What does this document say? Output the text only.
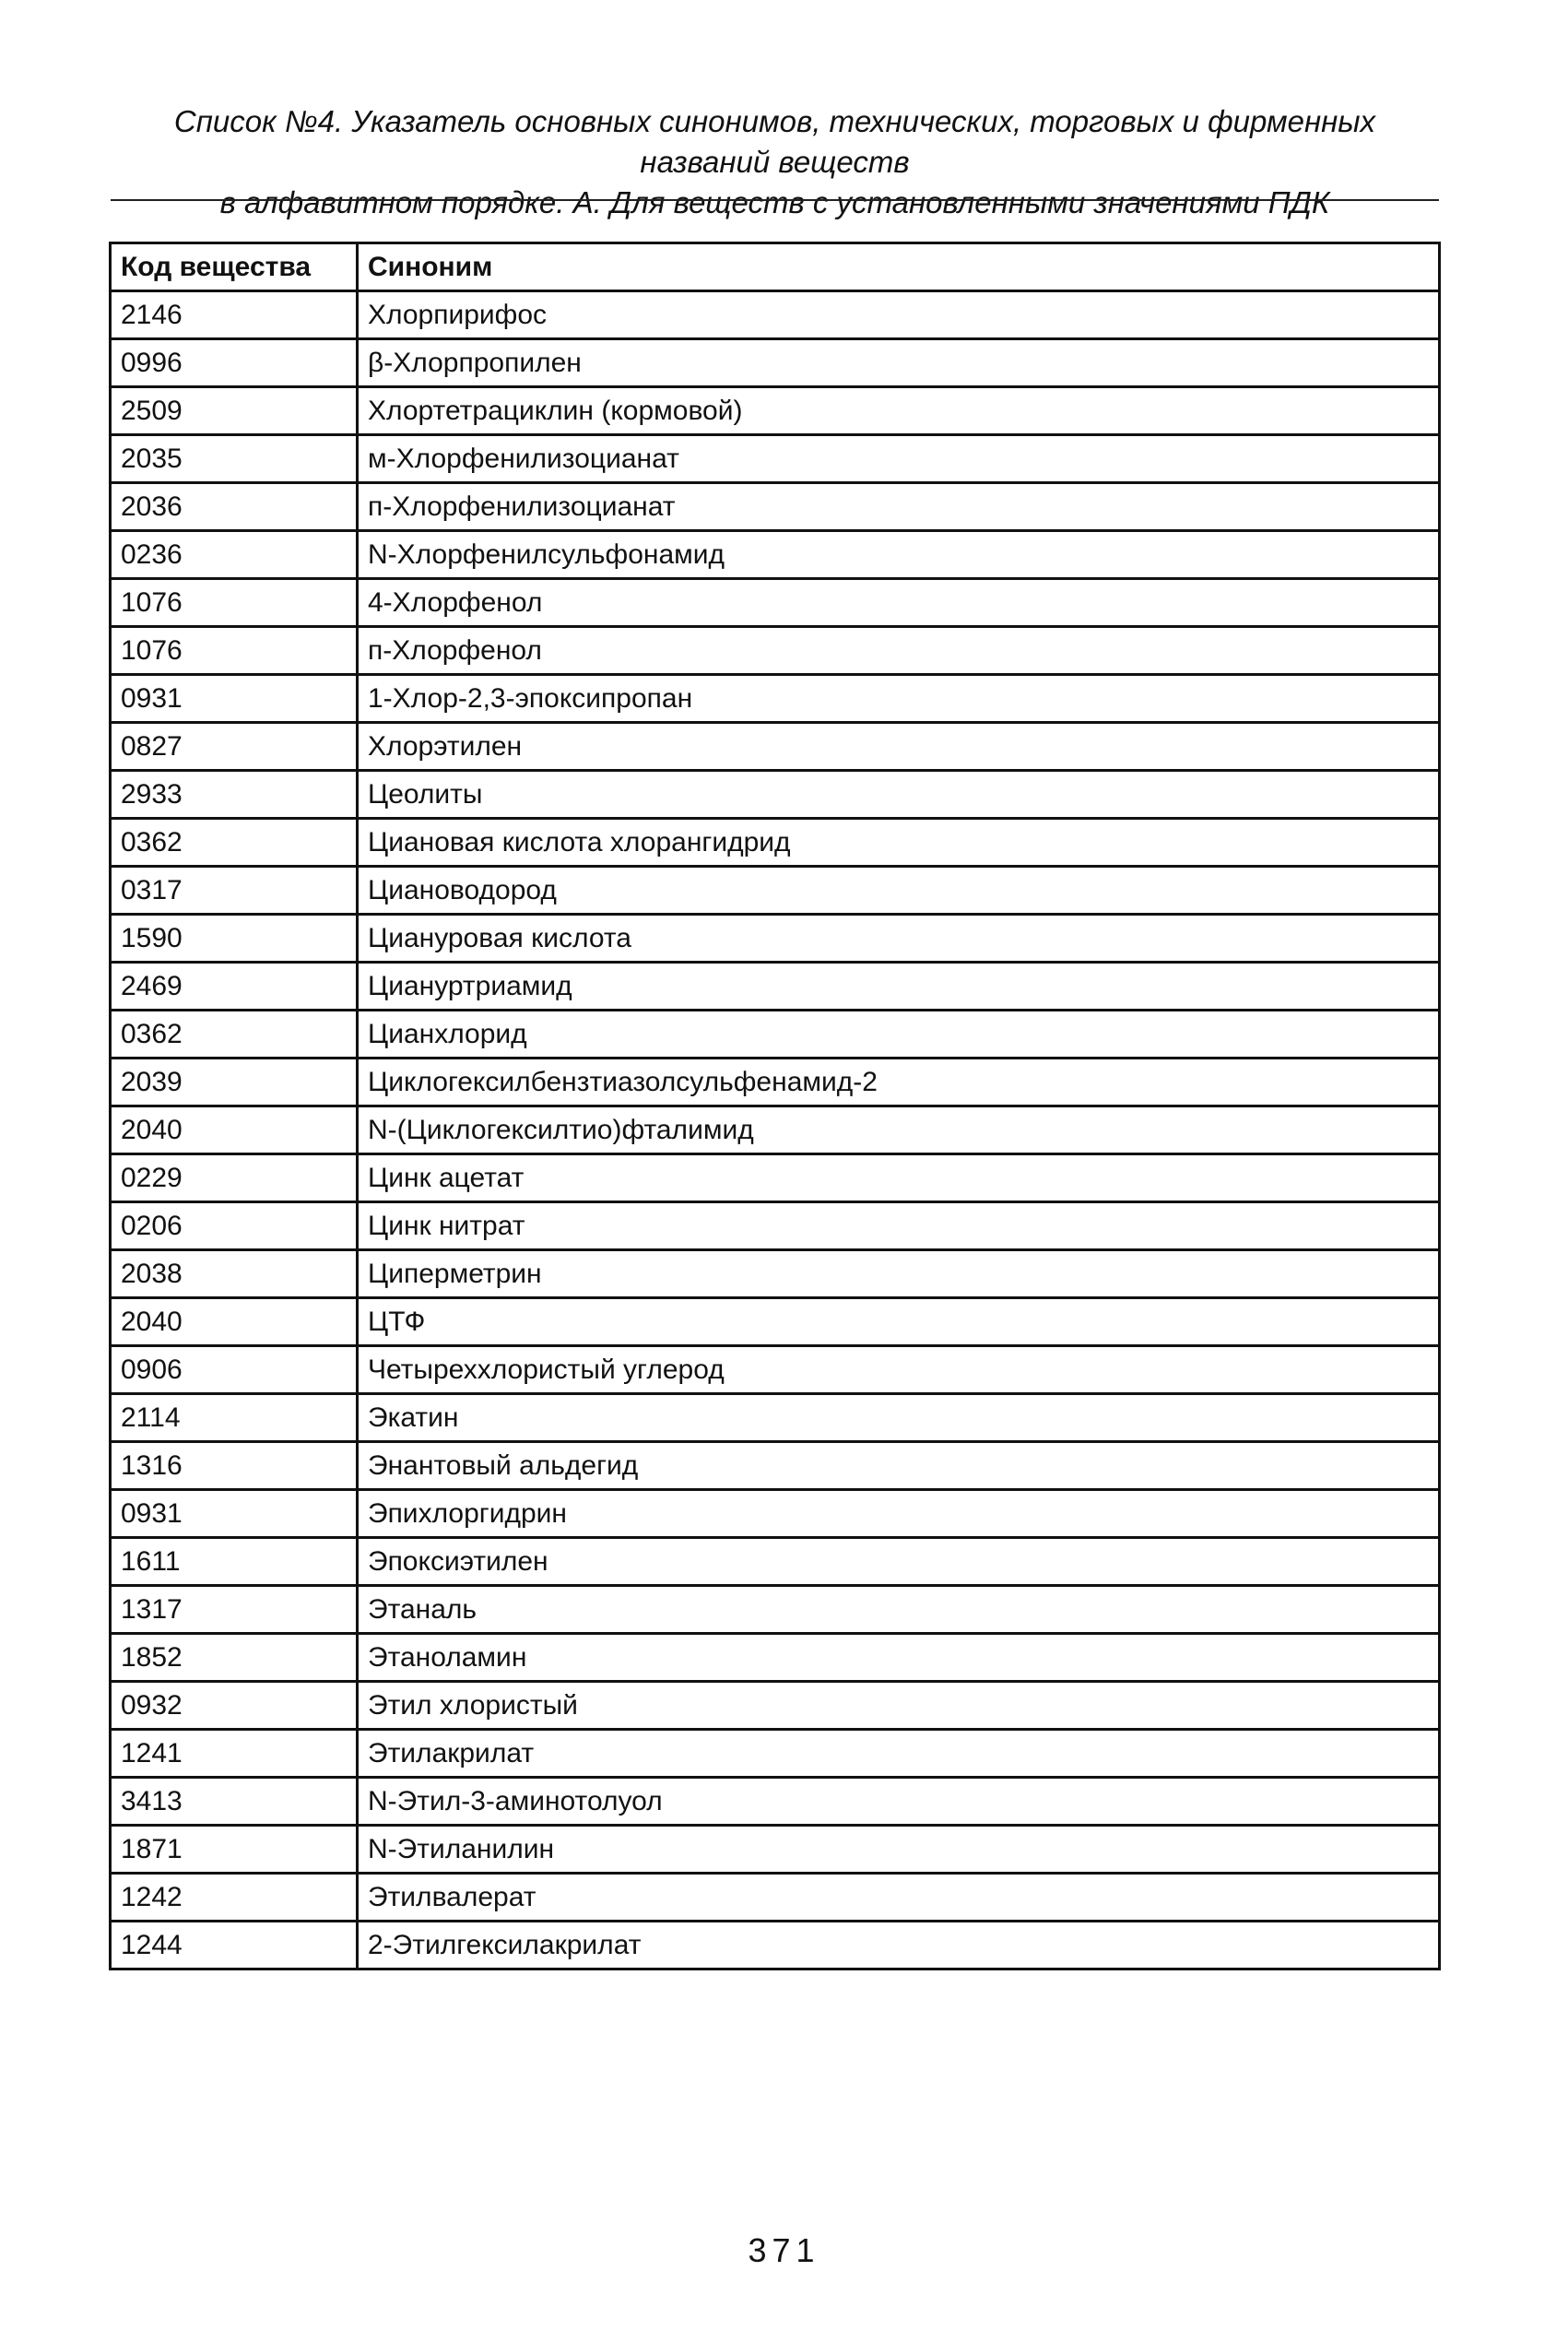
Список №4. Указатель основных синонимов, технических, торговых и фирменных названий веществ
в алфавитном порядке. А. Для веществ с установленными значениями ПДК
Код вещества	Синоним
2146	Хлорпирифос
0996	β-Хлорпропилен
2509	Хлортетрациклин (кормовой)
2035	м-Хлорфенилизоцианат
2036	п-Хлорфенилизоцианат
0236	N-Хлорфенилсульфонамид
1076	4-Хлорфенол
1076	п-Хлорфенол
0931	1-Хлор-2,3-эпоксипропан
0827	Хлорэтилен
2933	Цеолиты
0362	Циановая кислота хлорангидрид
0317	Циановодород
1590	Циануровая кислота
2469	Циануртриамид
0362	Цианхлорид
2039	Циклогексилбензтиазолсульфенамид-2
2040	N-(Циклогексилтио)фталимид
0229	Цинк ацетат
0206	Цинк нитрат
2038	Циперметрин
2040	ЦТФ
0906	Четыреххлористый углерод
2114	Экатин
1316	Энантовый альдегид
0931	Эпихлоргидрин
1611	Эпоксиэтилен
1317	Этаналь
1852	Этаноламин
0932	Этил хлористый
1241	Этилакрилат
3413	N-Этил-3-аминотолуол
1871	N-Этиланилин
1242	Этилвалерат
1244	2-Этилгексилакрилат
371
